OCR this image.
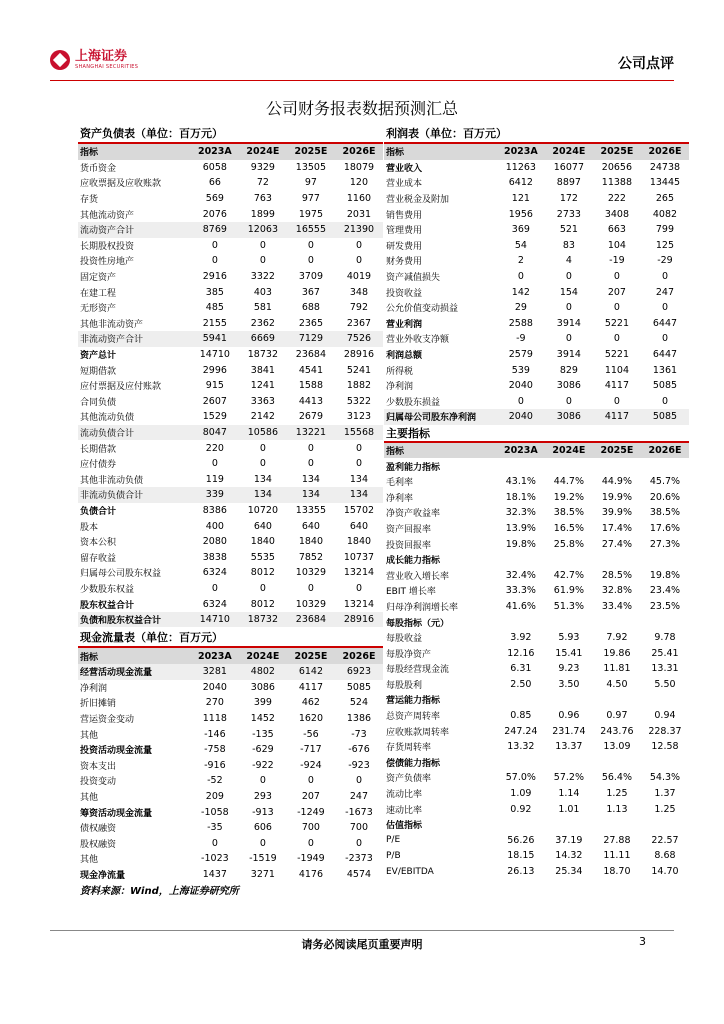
上海证券
SHANGHAI SECURITIES	公司点评
公司财务报表数据预测汇总
资产负债表（单位：百万元）
指标	2023A	2024E	2025E	2026E
货币资金	6058	9329	13505	18079
应收票据及应收账款	66	72	97	120
存货	569	763	977	1160
其他流动资产	2076	1899	1975	2031
流动资产合计	8769	12063	16555	21390
长期股权投资	0	0	0	0
投资性房地产	0	0	0	0
固定资产	2916	3322	3709	4019
在建工程	385	403	367	348
无形资产	485	581	688	792
其他非流动资产	2155	2362	2365	2367
非流动资产合计	5941	6669	7129	7526
资产总计	14710	18732	23684	28916
短期借款	2996	3841	4541	5241
应付票据及应付账款	915	1241	1588	1882
合同负债	2607	3363	4413	5322
其他流动负债	1529	2142	2679	3123
流动负债合计	8047	10586	13221	15568
长期借款	220	0	0	0
应付债券	0	0	0	0
其他非流动负债	119	134	134	134
非流动负债合计	339	134	134	134
负债合计	8386	10720	13355	15702
股本	400	640	640	640
资本公积	2080	1840	1840	1840
留存收益	3838	5535	7852	10737
归属母公司股东权益	6324	8012	10329	13214
少数股东权益	0	0	0	0
股东权益合计	6324	8012	10329	13214
负债和股东权益合计	14710	18732	23684	28916
现金流量表（单位：百万元）
指标	2023A	2024E	2025E	2026E
经营活动现金流量	3281	4802	6142	6923
净利润	2040	3086	4117	5085
折旧摊销	270	399	462	524
营运资金变动	1118	1452	1620	1386
其他	-146	-135	-56	-73
投资活动现金流量	-758	-629	-717	-676
资本支出	-916	-922	-924	-923
投资变动	-52	0	0	0
其他	209	293	207	247
筹资活动现金流量	-1058	-913	-1249	-1673
债权融资	-35	606	700	700
股权融资	0	0	0	0
其他	-1023	-1519	-1949	-2373
现金净流量	1437	3271	4176	4574
利润表（单位：百万元）
指标	2023A	2024E	2025E	2026E
营业收入	11263	16077	20656	24738
营业成本	6412	8897	11388	13445
营业税金及附加	121	172	222	265
销售费用	1956	2733	3408	4082
管理费用	369	521	663	799
研发费用	54	83	104	125
财务费用	2	4	-19	-29
资产减值损失	0	0	0	0
投资收益	142	154	207	247
公允价值变动损益	29	0	0	0
营业利润	2588	3914	5221	6447
营业外收支净额	-9	0	0	0
利润总额	2579	3914	5221	6447
所得税	539	829	1104	1361
净利润	2040	3086	4117	5085
少数股东损益	0	0	0	0
归属母公司股东净利润	2040	3086	4117	5085
主要指标				

指标	2023A	2024E	2025E	2026E
盈利能力指标				
毛利率	43.1%	44.7%	44.9%	45.7%
净利率	18.1%	19.2%	19.9%	20.6%
净资产收益率	32.3%	38.5%	39.9%	38.5%
资产回报率	13.9%	16.5%	17.4%	17.6%
投资回报率	19.8%	25.8%	27.4%	27.3%
成长能力指标				
营业收入增长率	32.4%	42.7%	28.5%	19.8%
EBIT 增长率	33.3%	61.9%	32.8%	23.4%
归母净利润增长率	41.6%	51.3%	33.4%	23.5%
每股指标（元）				
每股收益	3.92	5.93	7.92	9.78
每股净资产	12.16	15.41	19.86	25.41
每股经营现金流	6.31	9.23	11.81	13.31
每股股利	2.50	3.50	4.50	5.50
营运能力指标				
总资产周转率	0.85	0.96	0.97	0.94
应收账款周转率	247.24	231.74	243.76	228.37
存货周转率	13.32	13.37	13.09	12.58
偿债能力指标				
资产负债率	57.0%	57.2%	56.4%	54.3%
流动比率	1.09	1.14	1.25	1.37
速动比率	0.92	1.01	1.13	1.25
估值指标				
P/E	56.26	37.19	27.88	22.57
P/B	18.15	14.32	11.11	8.68
EV/EBITDA	26.13	25.34	18.70	14.70
资料来源：Wind，上海证券研究所
请务必阅读尾页重要声明	3
